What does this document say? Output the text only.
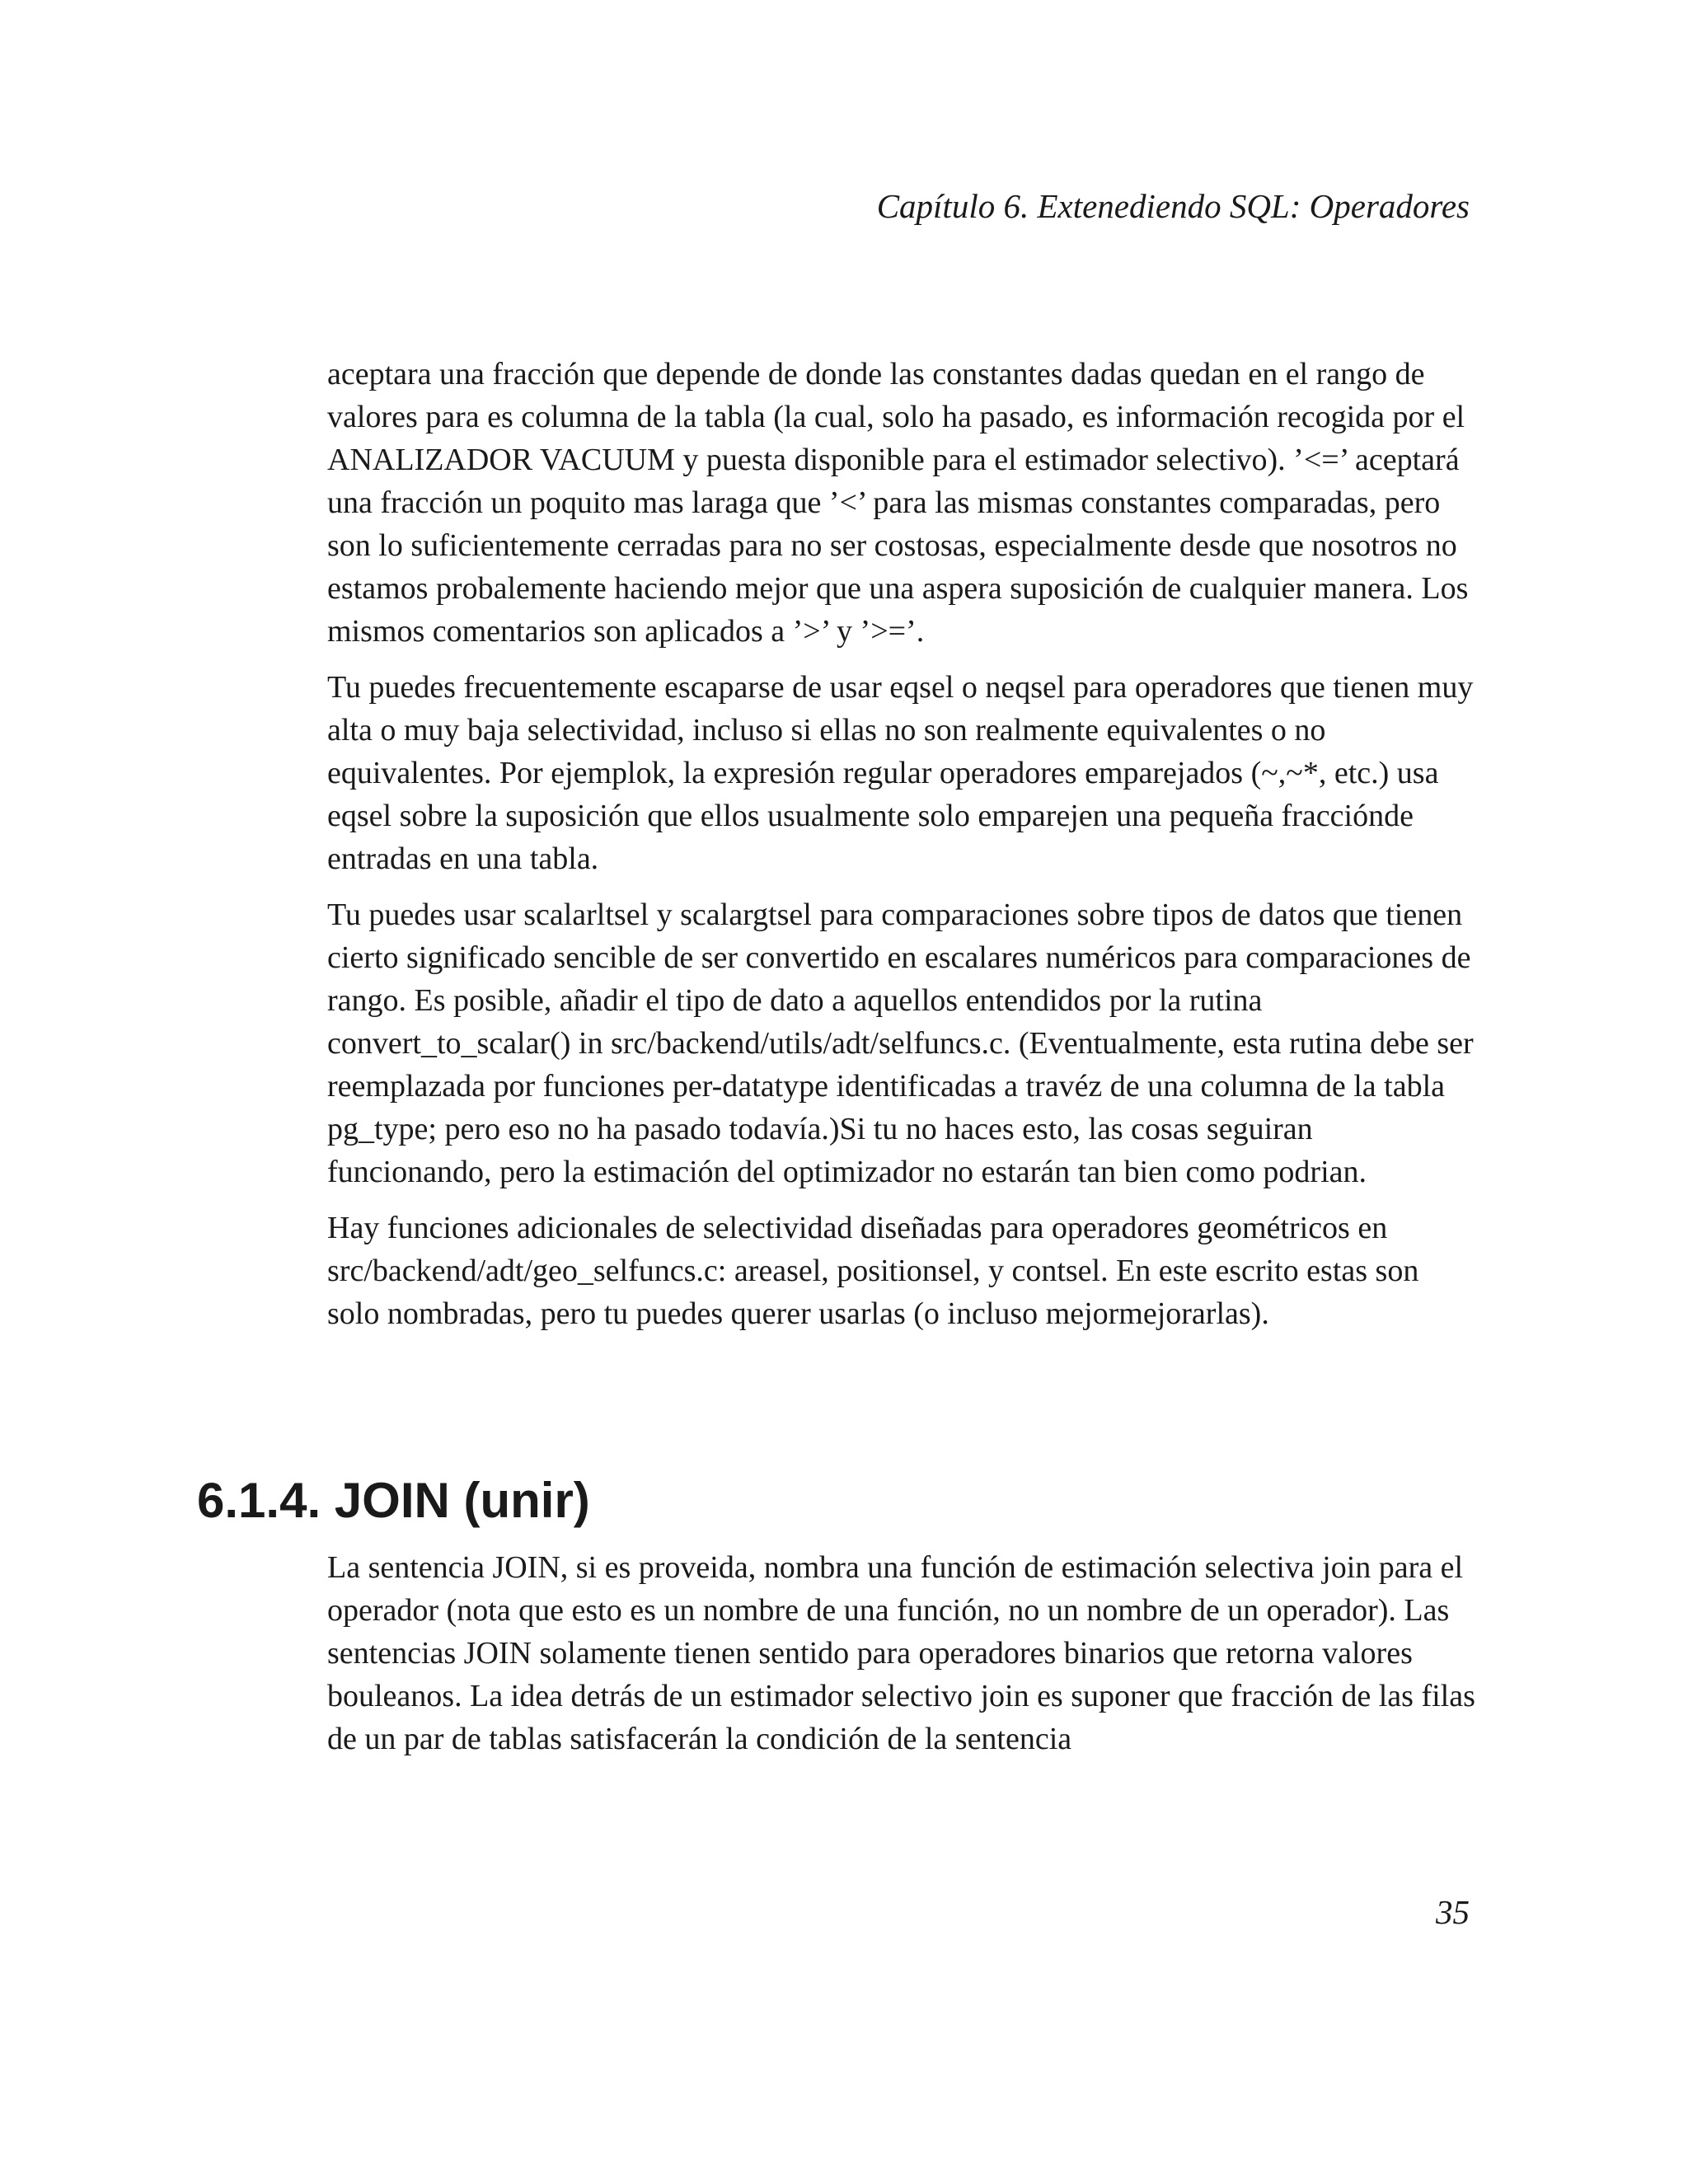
Capítulo 6. Extenediendo SQL: Operadores

aceptara una fracción que depende de donde las constantes dadas quedan en el rango de valores para es columna de la tabla (la cual, solo ha pasado, es información recogida por el ANALIZADOR VACUUM y puesta disponible para el estimador selectivo). ’<=’ aceptará una fracción un poquito mas laraga que ’<’ para las mismas constantes comparadas, pero son lo suficientemente cerradas para no ser costosas, especialmente desde que nosotros no estamos probalemente haciendo mejor que una aspera suposición de cualquier manera. Los mismos comentarios son aplicados a ’>’ y ’>=’.

Tu puedes frecuentemente escaparse de usar eqsel o neqsel para operadores que tienen muy alta o muy baja selectividad, incluso si ellas no son realmente equivalentes o no equivalentes. Por ejemplok, la expresión regular operadores emparejados (~,~*, etc.) usa eqsel sobre la suposición que ellos usualmente solo emparejen una pequeña fracciónde entradas en una tabla.

Tu puedes usar scalarltsel y scalargtsel para comparaciones sobre tipos de datos que tienen cierto significado sencible de ser convertido en escalares numéricos para comparaciones de rango. Es posible, añadir el tipo de dato a aquellos entendidos por la rutina convert_to_scalar() in src/backend/utils/adt/selfuncs.c. (Eventualmente, esta rutina debe ser reemplazada por funciones per-datatype identificadas a travéz de una columna de la tabla pg_type; pero eso no ha pasado todavía.)Si tu no haces esto, las cosas seguiran funcionando, pero la estimación del optimizador no estarán tan bien como podrian.

Hay funciones adicionales de selectividad diseñadas para operadores geométricos en src/backend/adt/geo_selfuncs.c: areasel, positionsel, y contsel. En este escrito estas son solo nombradas, pero tu puedes querer usarlas (o incluso mejormejorarlas).

6.1.4. JOIN (unir)

La sentencia JOIN, si es proveida, nombra una función de estimación selectiva join para el operador (nota que esto es un nombre de una función, no un nombre de un operador). Las sentencias JOIN solamente tienen sentido para operadores binarios que retorna valores bouleanos. La idea detrás de un estimador selectivo join es suponer que fracción de las filas de un par de tablas satisfacerán la condición de la sentencia

35
